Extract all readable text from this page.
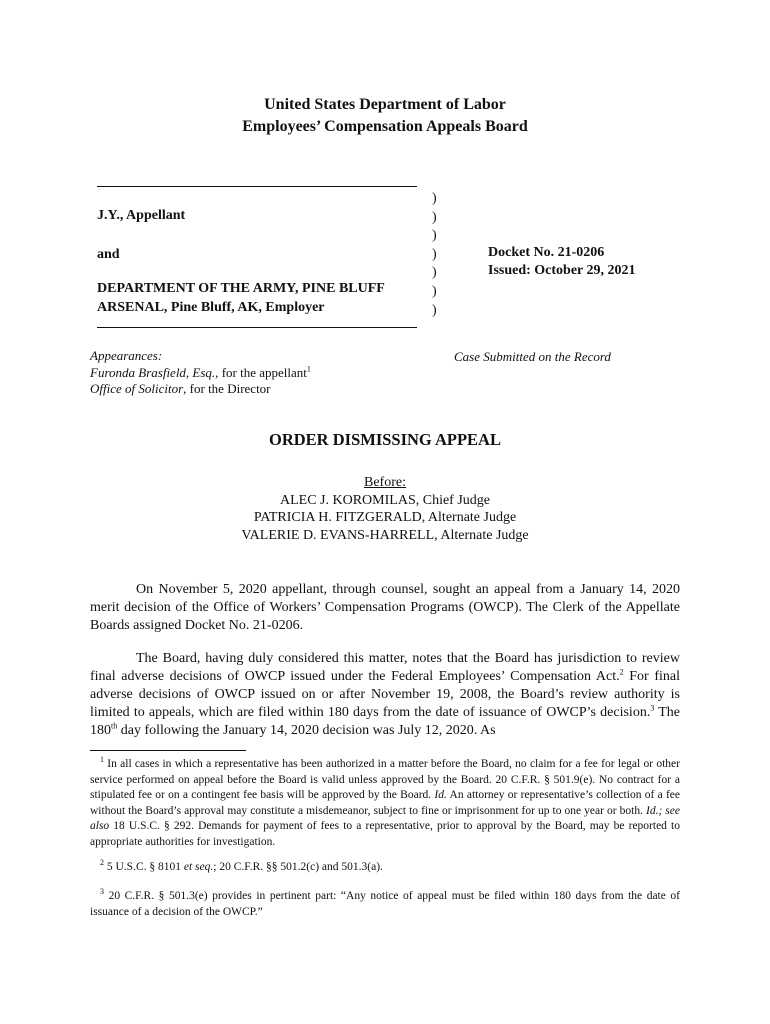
United States Department of Labor
Employees’ Compensation Appeals Board
J.Y., Appellant
and
DEPARTMENT OF THE ARMY, PINE BLUFF
ARSENAL, Pine Bluff, AK, Employer
)
)
)
)
)
)
)
Docket No. 21-0206
Issued: October 29, 2021
Appearances:
Furonda Brasfield, Esq., for the appellant$^1$
Office of Solicitor, for the Director
Case Submitted on the Record
ORDER DISMISSING APPEAL
Before:
ALEC J. KOROMILAS, Chief Judge
PATRICIA H. FITZGERALD, Alternate Judge
VALERIE D. EVANS-HARRELL, Alternate Judge
On November 5, 2020 appellant, through counsel, sought an appeal from a January 14, 2020 merit decision of the Office of Workers’ Compensation Programs (OWCP). The Clerk of the Appellate Boards assigned Docket No. 21-0206.
The Board, having duly considered this matter, notes that the Board has jurisdiction to review final adverse decisions of OWCP issued under the Federal Employees’ Compensation Act.$^2$ For final adverse decisions of OWCP issued on or after November 19, 2008, the Board’s review authority is limited to appeals, which are filed within 180 days from the date of issuance of OWCP’s decision.$^3$ The 180th day following the January 14, 2020 decision was July 12, 2020. As
$^1$ In all cases in which a representative has been authorized in a matter before the Board, no claim for a fee for legal or other service performed on appeal before the Board is valid unless approved by the Board. 20 C.F.R. § 501.9(e). No contract for a stipulated fee or on a contingent fee basis will be approved by the Board. Id. An attorney or representative’s collection of a fee without the Board’s approval may constitute a misdemeanor, subject to fine or imprisonment for up to one year or both. Id.; see also 18 U.S.C. § 292. Demands for payment of fees to a representative, prior to approval by the Board, may be reported to appropriate authorities for investigation.
$^2$ 5 U.S.C. § 8101 et seq.; 20 C.F.R. §§ 501.2(c) and 501.3(a).
$^3$ 20 C.F.R. § 501.3(e) provides in pertinent part: “Any notice of appeal must be filed within 180 days from the date of issuance of a decision of the OWCP.”
